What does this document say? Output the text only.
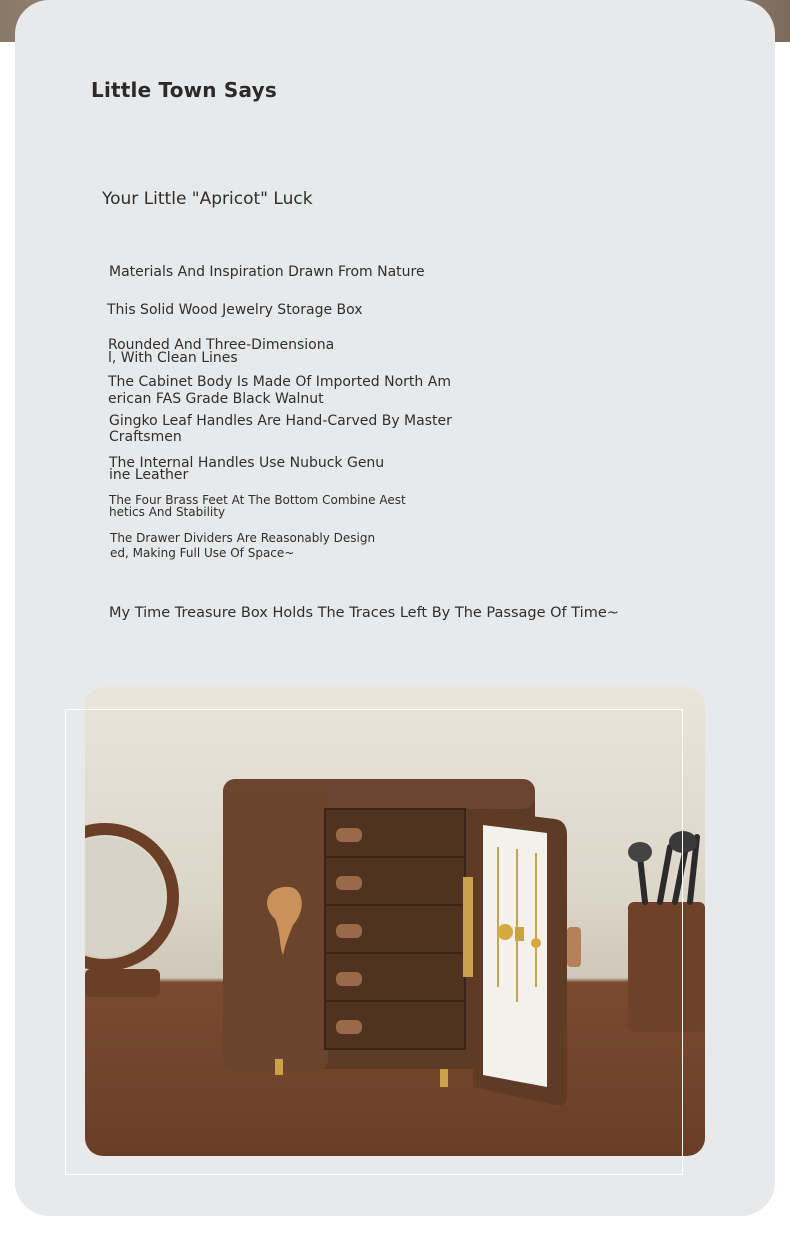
Little Town Says
Your Little "Apricot" Luck
Materials And Inspiration Drawn From Nature
This Solid Wood Jewelry Storage Box
Rounded And Three-Dimensiona
l, With Clean Lines
The Cabinet Body Is Made Of Imported North Am
erican FAS Grade Black Walnut
Gingko Leaf Handles Are Hand-Carved By Master
Craftsmen
The Internal Handles Use Nubuck Genu
ine Leather
The Four Brass Feet At The Bottom Combine Aest
hetics And Stability
The Drawer Dividers Are Reasonably Design
ed, Making Full Use Of Space~
My Time Treasure Box Holds The Traces Left By The Passage Of Time~
